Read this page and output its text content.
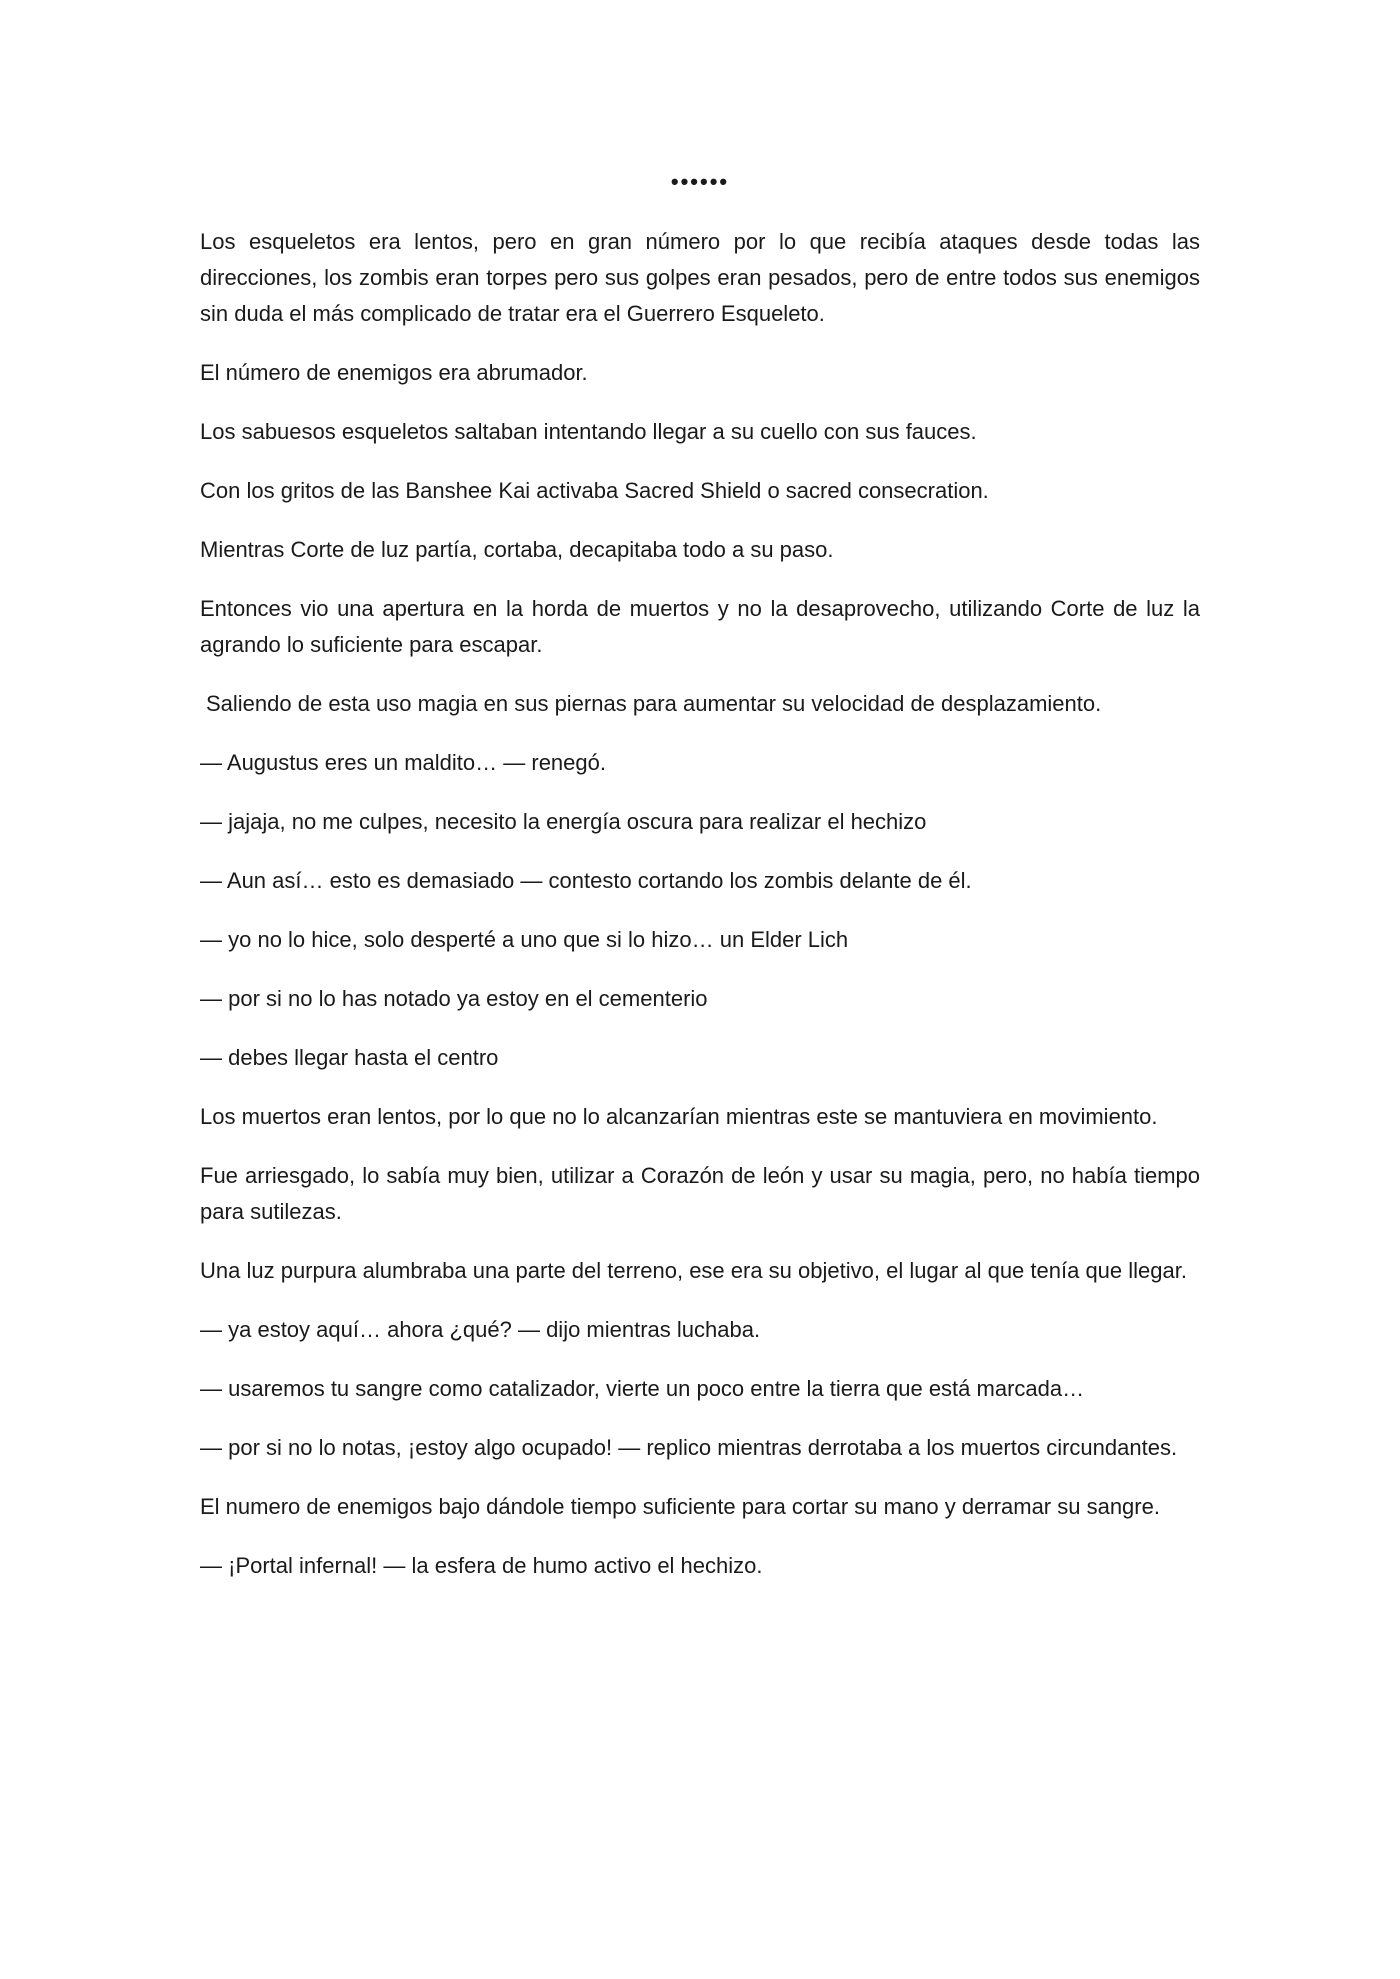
••••••

Los esqueletos era lentos, pero en gran número por lo que recibía ataques desde todas las direcciones, los zombis eran torpes pero sus golpes eran pesados, pero de entre todos sus enemigos sin duda el más complicado de tratar era el Guerrero Esqueleto.

El número de enemigos era abrumador.

Los sabuesos esqueletos saltaban intentando llegar a su cuello con sus fauces.

Con los gritos de las Banshee Kai activaba Sacred Shield o sacred consecration.

Mientras Corte de luz partía, cortaba, decapitaba todo a su paso.

Entonces vio una apertura en la horda de muertos y no la desaprovecho, utilizando Corte de luz la agrando lo suficiente para escapar.

Saliendo de esta uso magia en sus piernas para aumentar su velocidad de desplazamiento.

— Augustus eres un maldito… — renegó.

— jajaja, no me culpes, necesito la energía oscura para realizar el hechizo

— Aun así… esto es demasiado — contesto cortando los zombis delante de él.

— yo no lo hice, solo desperté a uno que si lo hizo… un Elder Lich

— por si no lo has notado ya estoy en el cementerio

— debes llegar hasta el centro

Los muertos eran lentos, por lo que no lo alcanzarían mientras este se mantuviera en movimiento.

Fue arriesgado, lo sabía muy bien, utilizar a Corazón de león y usar su magia, pero, no había tiempo para sutilezas.

Una luz purpura alumbraba una parte del terreno, ese era su objetivo, el lugar al que tenía que llegar.

— ya estoy aquí… ahora ¿qué? — dijo mientras luchaba.

— usaremos tu sangre como catalizador, vierte un poco entre la tierra que está marcada…

— por si no lo notas, ¡estoy algo ocupado! — replico mientras derrotaba a los muertos circundantes.

El numero de enemigos bajo dándole tiempo suficiente para cortar su mano y derramar su sangre.

— ¡Portal infernal! — la esfera de humo activo el hechizo.
